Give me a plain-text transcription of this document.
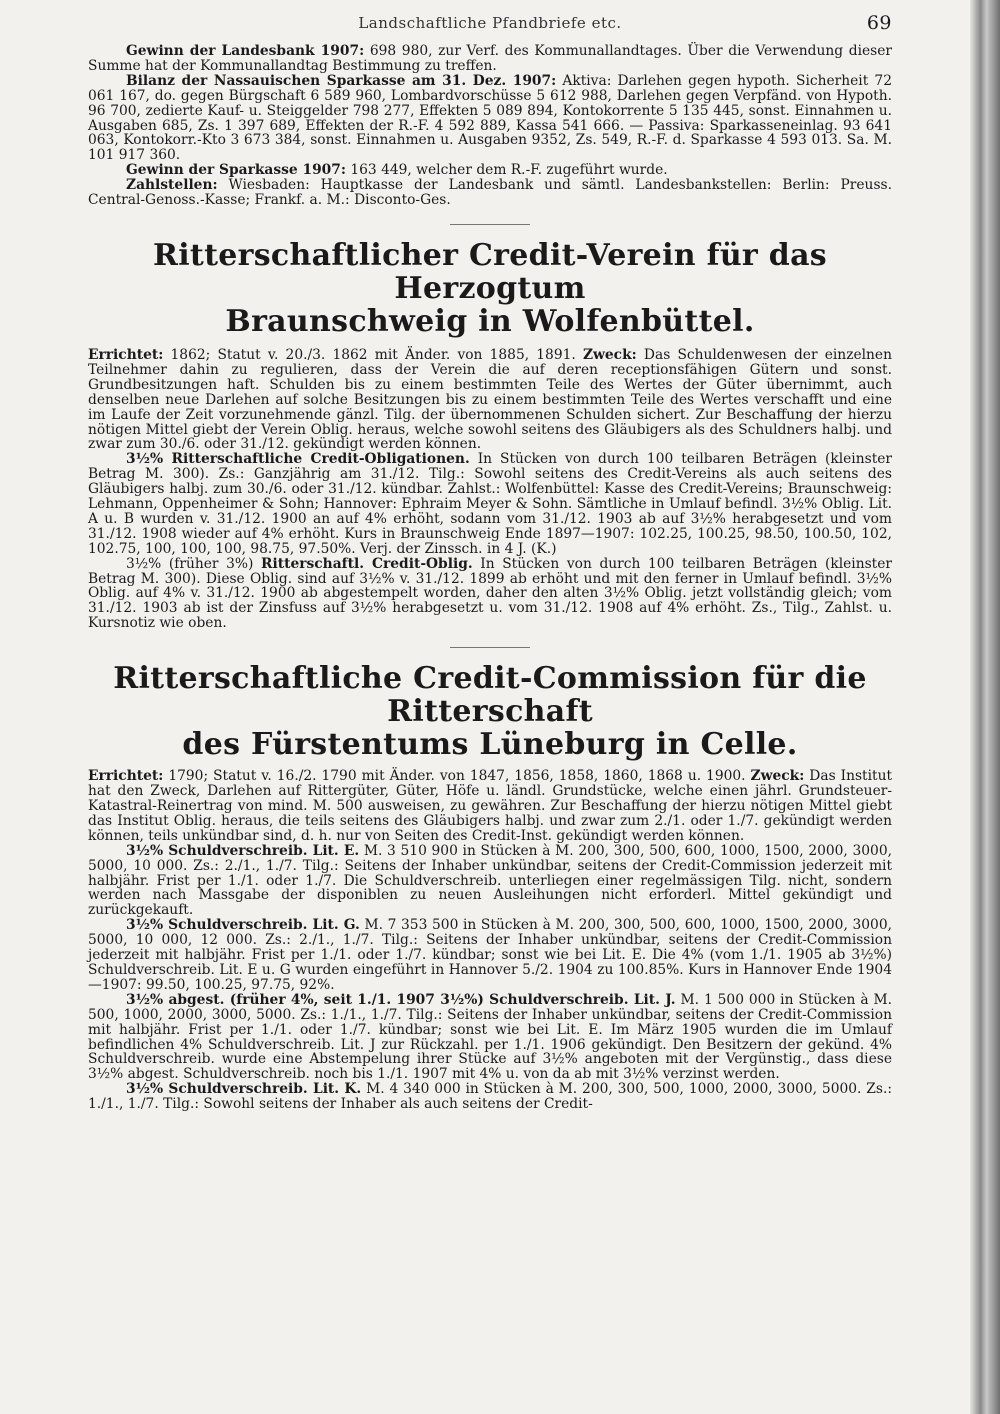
Landschaftliche Pfandbriefe etc.	69

Gewinn der Landesbank 1907: 698 980, zur Verf. des Kommunallandtages. Über die Verwendung dieser Summe hat der Kommunallandtag Bestimmung zu treffen.

Bilanz der Nassauischen Sparkasse am 31. Dez. 1907: Aktiva: Darlehen gegen hypoth. Sicherheit 72 061 167, do. gegen Bürgschaft 6 589 960, Lombardvorschüsse 5 612 988, Darlehen gegen Verpfänd. von Hypoth. 96 700, zedierte Kauf- u. Steiggelder 798 277, Effekten 5 089 894, Kontokorrente 5 135 445, sonst. Einnahmen u. Ausgaben 685, Zs. 1 397 689, Effekten der R.-F. 4 592 889, Kassa 541 666. — Passiva: Sparkasseneinlag. 93 641 063, Kontokorr.-Kto 3 673 384, sonst. Einnahmen u. Ausgaben 9352, Zs. 549, R.-F. d. Sparkasse 4 593 013. Sa. M. 101 917 360.

Gewinn der Sparkasse 1907: 163 449, welcher dem R.-F. zugeführt wurde.

Zahlstellen: Wiesbaden: Hauptkasse der Landesbank und sämtl. Landesbankstellen: Berlin: Preuss. Central-Genoss.-Kasse; Frankf. a. M.: Disconto-Ges.

Ritterschaftlicher Credit-Verein für das Herzogtum
Braunschweig in Wolfenbüttel.

Errichtet: 1862; Statut v. 20./3. 1862 mit Änder. von 1885, 1891. Zweck: Das Schuldenwesen der einzelnen Teilnehmer dahin zu regulieren, dass der Verein die auf deren receptionsfähigen Gütern und sonst. Grundbesitzungen haft. Schulden bis zu einem bestimmten Teile des Wertes der Güter übernimmt, auch denselben neue Darlehen auf solche Besitzungen bis zu einem bestimmten Teile des Wertes verschafft und eine im Laufe der Zeit vorzunehmende gänzl. Tilg. der übernommenen Schulden sichert. Zur Beschaffung der hierzu nötigen Mittel giebt der Verein Oblig. heraus, welche sowohl seitens des Gläubigers als des Schuldners halbj. und zwar zum 30./6. oder 31./12. gekündigt werden können.

3½% Ritterschaftliche Credit-Obligationen. In Stücken von durch 100 teilbaren Beträgen (kleinster Betrag M. 300). Zs.: Ganzjährig am 31./12. Tilg.: Sowohl seitens des Credit-Vereins als auch seitens des Gläubigers halbj. zum 30./6. oder 31./12. kündbar. Zahlst.: Wolfenbüttel: Kasse des Credit-Vereins; Braunschweig: Lehmann, Oppenheimer & Sohn; Hannover: Ephraim Meyer & Sohn. Sämtliche in Umlauf befindl. 3½% Oblig. Lit. A u. B wurden v. 31./12. 1900 an auf 4% erhöht, sodann vom 31./12. 1903 ab auf 3½% herabgesetzt und vom 31./12. 1908 wieder auf 4% erhöht. Kurs in Braunschweig Ende 1897—1907: 102.25, 100.25, 98.50, 100.50, 102, 102.75, 100, 100, 100, 98.75, 97.50%. Verj. der Zinssch. in 4 J. (K.)

3½% (früher 3%) Ritterschaftl. Credit-Oblig. In Stücken von durch 100 teilbaren Beträgen (kleinster Betrag M. 300). Diese Oblig. sind auf 3½% v. 31./12. 1899 ab erhöht und mit den ferner in Umlauf befindl. 3½% Oblig. auf 4% v. 31./12. 1900 ab abgestempelt worden, daher den alten 3½% Oblig. jetzt vollständig gleich; vom 31./12. 1903 ab ist der Zinsfuss auf 3½% herabgesetzt u. vom 31./12. 1908 auf 4% erhöht. Zs., Tilg., Zahlst. u. Kursnotiz wie oben.

Ritterschaftliche Credit-Commission für die Ritterschaft
des Fürstentums Lüneburg in Celle.

Errichtet: 1790; Statut v. 16./2. 1790 mit Änder. von 1847, 1856, 1858, 1860, 1868 u. 1900. Zweck: Das Institut hat den Zweck, Darlehen auf Rittergüter, Güter, Höfe u. ländl. Grundstücke, welche einen jährl. Grundsteuer-Katastral-Reinertrag von mind. M. 500 ausweisen, zu gewähren. Zur Beschaffung der hierzu nötigen Mittel giebt das Institut Oblig. heraus, die teils seitens des Gläubigers halbj. und zwar zum 2./1. oder 1./7. gekündigt werden können, teils unkündbar sind, d. h. nur von Seiten des Credit-Inst. gekündigt werden können.

3½% Schuldverschreib. Lit. E. M. 3 510 900 in Stücken à M. 200, 300, 500, 600, 1000, 1500, 2000, 3000, 5000, 10 000. Zs.: 2./1., 1./7. Tilg.: Seitens der Inhaber unkündbar, seitens der Credit-Commission jederzeit mit halbjähr. Frist per 1./1. oder 1./7. Die Schuldverschreib. unterliegen einer regelmässigen Tilg. nicht, sondern werden nach Massgabe der disponiblen zu neuen Ausleihungen nicht erforderl. Mittel gekündigt und zurückgekauft.

3½% Schuldverschreib. Lit. G. M. 7 353 500 in Stücken à M. 200, 300, 500, 600, 1000, 1500, 2000, 3000, 5000, 10 000, 12 000. Zs.: 2./1., 1./7. Tilg.: Seitens der Inhaber unkündbar, seitens der Credit-Commission jederzeit mit halbjähr. Frist per 1./1. oder 1./7. kündbar; sonst wie bei Lit. E. Die 4% (vom 1./1. 1905 ab 3½%) Schuldverschreib. Lit. E u. G wurden eingeführt in Hannover 5./2. 1904 zu 100.85%. Kurs in Hannover Ende 1904—1907: 99.50, 100.25, 97.75, 92%.

3½% abgest. (früher 4%, seit 1./1. 1907 3½%) Schuldverschreib. Lit. J. M. 1 500 000 in Stücken à M. 500, 1000, 2000, 3000, 5000. Zs.: 1./1., 1./7. Tilg.: Seitens der Inhaber unkündbar, seitens der Credit-Commission mit halbjähr. Frist per 1./1. oder 1./7. kündbar; sonst wie bei Lit. E. Im März 1905 wurden die im Umlauf befindlichen 4% Schuldverschreib. Lit. J zur Rückzahl. per 1./1. 1906 gekündigt. Den Besitzern der gekünd. 4% Schuldverschreib. wurde eine Abstempelung ihrer Stücke auf 3½% angeboten mit der Vergünstig., dass diese 3½% abgest. Schuldverschreib. noch bis 1./1. 1907 mit 4% u. von da ab mit 3½% verzinst werden.

3½% Schuldverschreib. Lit. K. M. 4 340 000 in Stücken à M. 200, 300, 500, 1000, 2000, 3000, 5000. Zs.: 1./1., 1./7. Tilg.: Sowohl seitens der Inhaber als auch seitens der Credit-
